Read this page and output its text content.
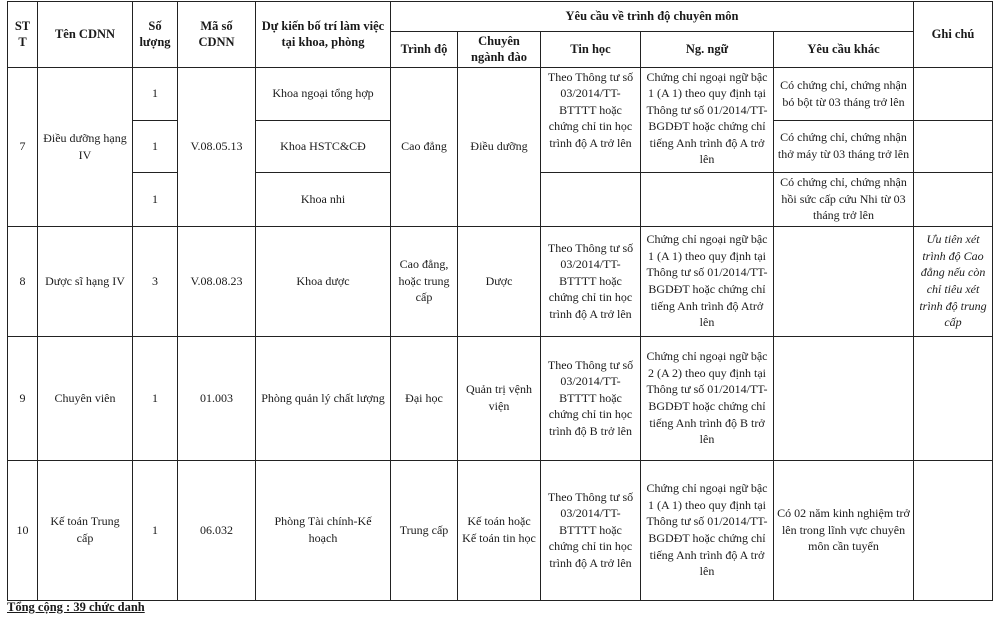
ST T	Tên CDNN	Số lượng	Mã số CDNN	Dự kiến bố trí làm việc tại khoa, phòng	Yêu cầu về trình độ chuyên môn					Ghi chú
					Trình độ	Chuyên ngành đào	Tin học	Ng. ngữ	Yêu cầu khác	
7	Điều dưỡng hạng IV	1	V.08.05.13	Khoa ngoại tổng hợp	Cao đẳng	Điều dưỡng	Theo Thông tư số 03/2014/TT-BTTTT hoặc chứng chỉ tin học trình độ A trở lên	Chứng chỉ ngoại ngữ bậc 1 (A 1) theo quy định tại Thông tư số 01/2014/TT-BGDĐT hoặc chứng chỉ tiếng Anh trình độ A trở lên	Có chứng chỉ, chứng nhận bó bột từ 03 tháng trở lên	
		1		Khoa HSTC&CĐ					Có chứng chỉ, chứng nhận thở máy từ 03 tháng trở lên	
		1		Khoa nhi					Có chứng chỉ, chứng nhận hồi sức cấp cứu Nhi từ 03 tháng trở lên	
8	Dược sĩ hạng IV	3	V.08.08.23	Khoa dược	Cao đẳng, hoặc trung cấp	Dược	Theo Thông tư số 03/2014/TT-BTTTT hoặc chứng chỉ tin học trình độ A trở lên	Chứng chỉ ngoại ngữ bậc 1 (A 1) theo quy định tại Thông tư số 01/2014/TT-BGDĐT hoặc chứng chỉ tiếng Anh trình độ Atrở lên		Ưu tiên xét trình độ Cao đẳng nếu còn chỉ tiêu xét trình độ trung cấp
9	Chuyên viên	1	01.003	Phòng quản lý chất lượng	Đại học	Quản trị vệnh viện	Theo Thông tư số 03/2014/TT-BTTTT hoặc chứng chỉ tin học trình độ B trở lên	Chứng chỉ ngoại ngữ bậc 2 (A 2) theo quy định tại Thông tư số 01/2014/TT-BGDĐT hoặc chứng chỉ tiếng Anh trình độ B trở lên		
10	Kế toán Trung cấp	1	06.032	Phòng Tài chính-Kế hoạch	Trung cấp	Kế toán hoặc Kế toán tin học	Theo Thông tư số 03/2014/TT-BTTTT hoặc chứng chỉ tin học trình độ A trở lên	Chứng chỉ ngoại ngữ bậc 1 (A 1) theo quy định tại Thông tư số 01/2014/TT-BGDĐT hoặc chứng chỉ tiếng Anh trình độ A trở lên	Có 02 năm kinh nghiệm trở lên trong lĩnh vực chuyên môn cần tuyển	
Tổng cộng : 39 chức danh
